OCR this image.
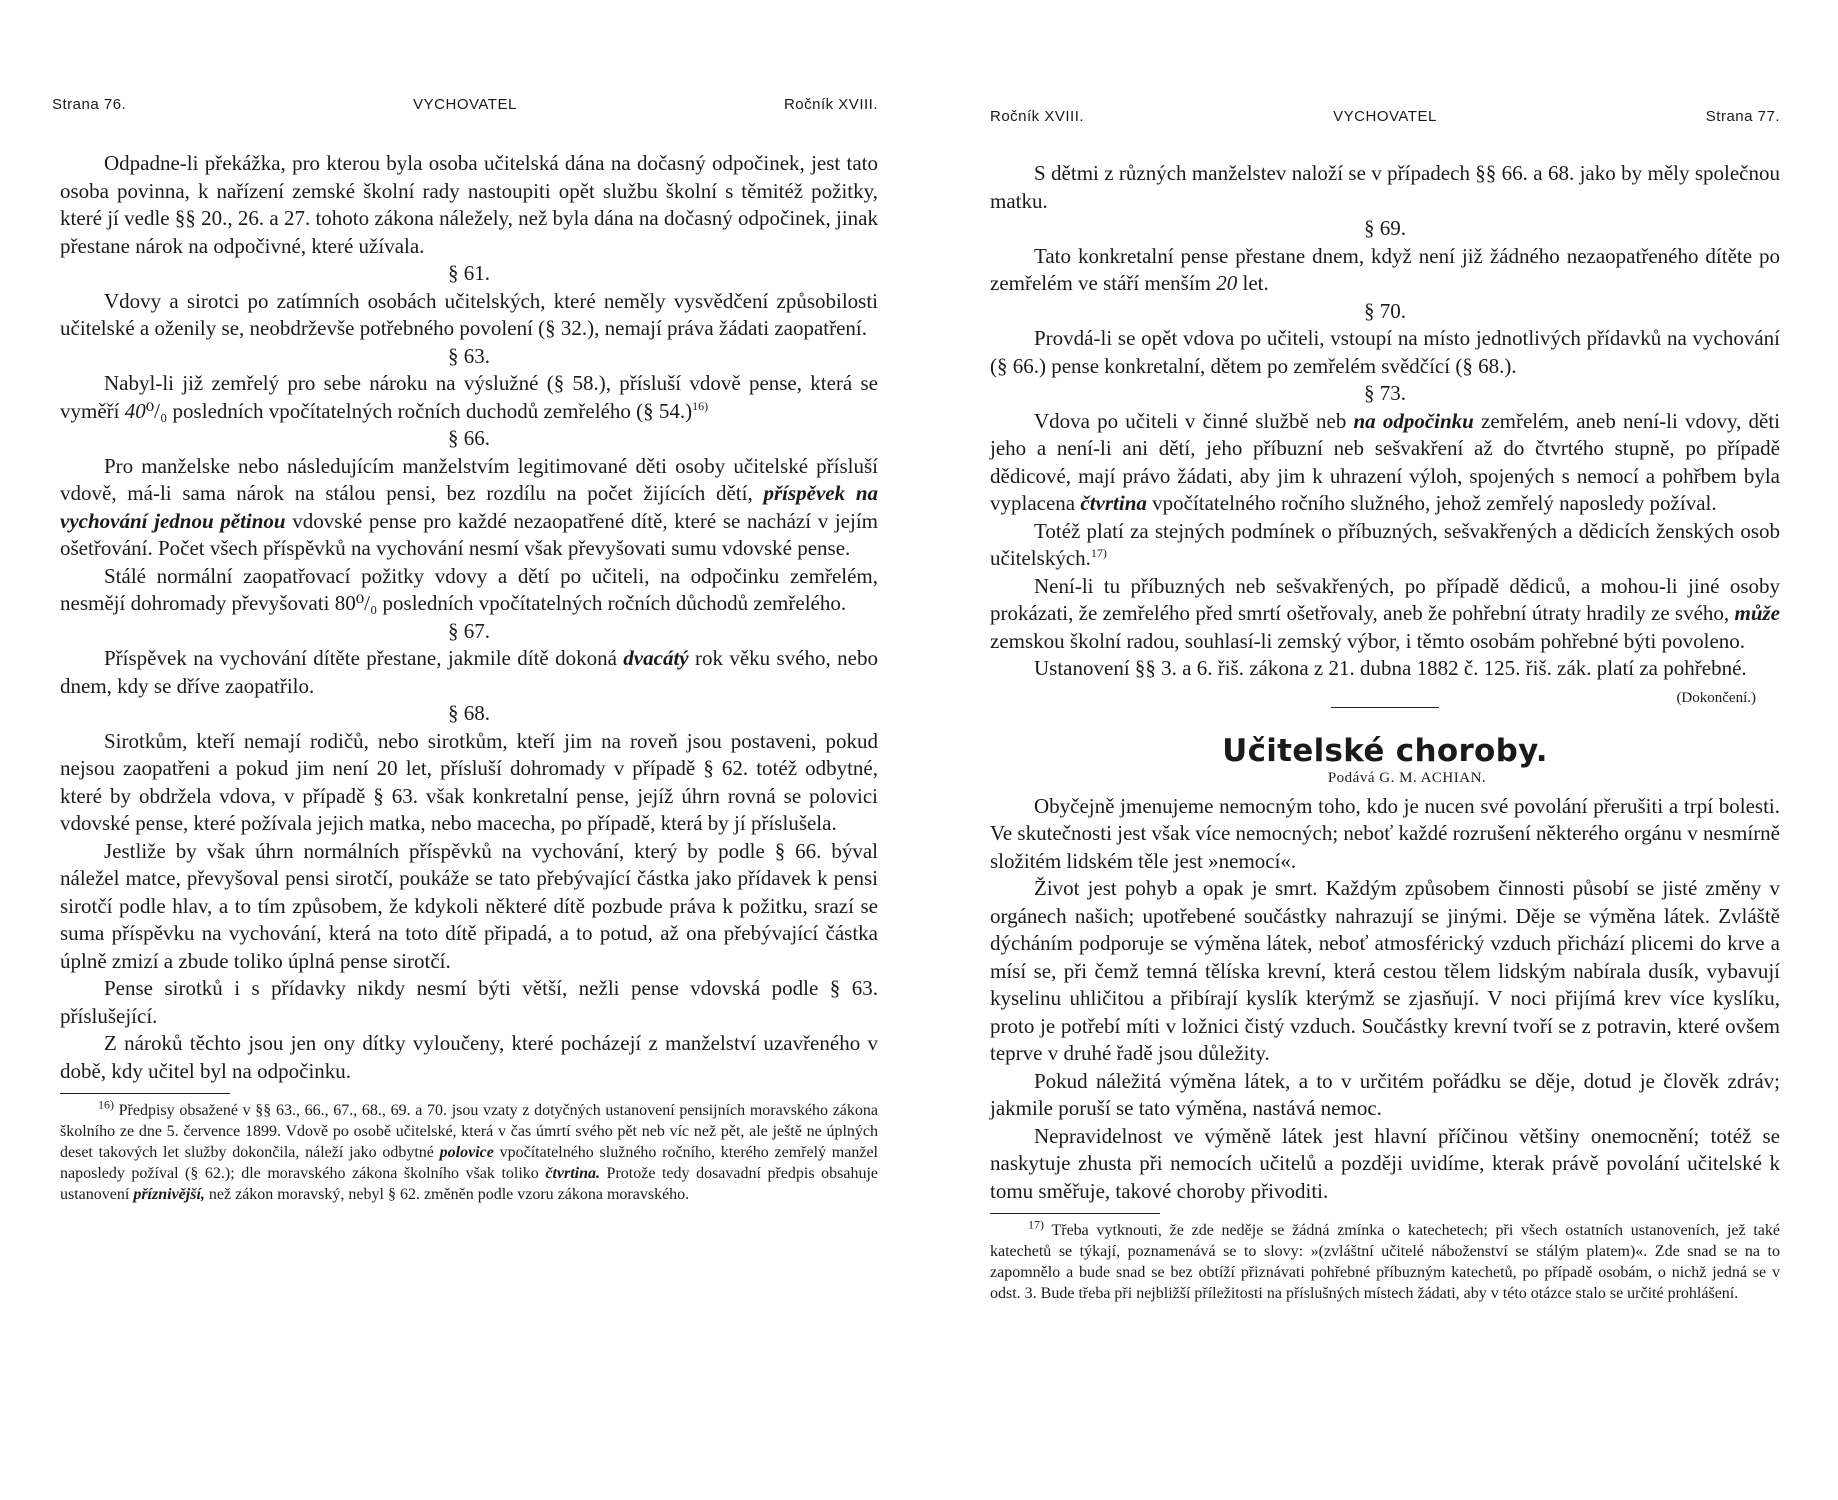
Strana 76.	VYCHOVATEL	Ročník XVIII.

Odpadne-li překážka, pro kterou byla osoba učitelská dána na dočasný odpočinek, jest tato osoba povinna, k nařízení zemské školní rady nastoupiti opět službu školní s těmitéž požitky, které jí vedle §§ 20., 26. a 27. tohoto zákona náležely, než byla dána na dočasný odpočinek, jinak přestane nárok na odpočivné, které užívala.

§ 61.

Vdovy a sirotci po zatímních osobách učitelských, které neměly vysvědčení způsobilosti učitelské a oženily se, neobdrževše potřebného povolení (§ 32.), nemají práva žádati zaopatření.

§ 63.

Nabyl-li již zemřelý pro sebe nároku na výslužné (§ 58.), přísluší vdově pense, která se vyměří 40⁰/₀ posledních vpočítatelných ročních duchodů zemřelého (§ 54.)$^{16)}$

§ 66.

Pro manželske nebo následujícím manželstvím legitimované děti osoby učitelské přísluší vdově, má-li sama nárok na stálou pensi, bez rozdílu na počet žijících dětí, příspěvek na vychování jednou pětinou vdovské pense pro každé nezaopatřené dítě, které se nachází v jejím ošetřování. Počet všech příspěvků na vychování nesmí však převyšovati sumu vdovské pense.

Stálé normální zaopatřovací požitky vdovy a dětí po učiteli, na odpočinku zemřelém, nesmějí dohromady převyšovati 80⁰/₀ posledních vpočítatelných ročních důchodů zemřelého.

§ 67.

Příspěvek na vychování dítěte přestane, jakmile dítě dokoná dvacátý rok věku svého, nebo dnem, kdy se dříve zaopatřilo.

§ 68.

Sirotkům, kteří nemají rodičů, nebo sirotkům, kteří jim na roveň jsou postaveni, pokud nejsou zaopatřeni a pokud jim není 20 let, přísluší dohromady v případě § 62. totéž odbytné, které by obdržela vdova, v případě § 63. však konkretalní pense, jejíž úhrn rovná se polovici vdovské pense, které požívala jejich matka, nebo macecha, po případě, která by jí příslušela.

Jestliže by však úhrn normálních příspěvků na vychování, který by podle § 66. býval náležel matce, převyšoval pensi sirotčí, poukáže se tato přebývající částka jako přídavek k pensi sirotčí podle hlav, a to tím způsobem, že kdykoli některé dítě pozbude práva k požitku, srazí se suma příspěvku na vychování, která na toto dítě připadá, a to potud, až ona přebývající částka úplně zmizí a zbude toliko úplná pense sirotčí.

Pense sirotků i s přídavky nikdy nesmí býti větší, nežli pense vdovská podle § 63. příslušející.

Z nároků těchto jsou jen ony dítky vyloučeny, které pocházejí z manželství uzavřeného v době, kdy učitel byl na odpočinku.

$^{16)}$ Předpisy obsažené v §§ 63., 66., 67., 68., 69. a 70. jsou vzaty z dotyčných ustanovení pensijních moravského zákona školního ze dne 5. července 1899. Vdově po osobě učitelské, která v čas úmrtí svého pět neb víc než pět, ale ještě ne úplných deset takových let služby dokončila, náleží jako odbytné polovice vpočítatelného služného ročního, kterého zemřelý manžel naposledy požíval (§ 62.); dle moravského zákona školního však toliko čtvrtina. Protože tedy dosavadní předpis obsahuje ustanovení příznivější, než zákon moravský, nebyl § 62. změněn podle vzoru zákona moravského.

Ročník XVIII.	VYCHOVATEL	Strana 77.

S dětmi z různých manželstev naloží se v případech §§ 66. a 68. jako by měly společnou matku.

§ 69.

Tato konkretalní pense přestane dnem, když není již žádného nezaopatřeného dítěte po zemřelém ve stáří menším 20 let.

§ 70.

Provdá-li se opět vdova po učiteli, vstoupí na místo jednotlivých přídavků na vychování (§ 66.) pense konkretalní, dětem po zemřelém svědčící (§ 68.).

§ 73.

Vdova po učiteli v činné službě neb na odpočinku zemřelém, aneb není-li vdovy, děti jeho a není-li ani dětí, jeho příbuzní neb sešvakření až do čtvrtého stupně, po případě dědicové, mají právo žádati, aby jim k uhrazení výloh, spojených s nemocí a pohřbem byla vyplacena čtvrtina vpočítatelného ročního služného, jehož zemřelý naposledy požíval.

Totéž platí za stejných podmínek o příbuzných, sešvakřených a dědicích ženských osob učitelských.$^{17)}$

Není-li tu příbuzných neb sešvakřených, po případě dědiců, a mohou-li jiné osoby prokázati, že zemřelého před smrtí ošetřovaly, aneb že pohřební útraty hradily ze svého, může zemskou školní radou, souhlasí-li zemský výbor, i těmto osobám pohřebné býti povoleno.

Ustanovení §§ 3. a 6. řiš. zákona z 21. dubna 1882 č. 125. řiš. zák. platí za pohřebné.
(Dokončení.)

Učitelské choroby.

Podává G. M. ACHIAN.

Obyčejně jmenujeme nemocným toho, kdo je nucen své povolání přerušiti a trpí bolesti. Ve skutečnosti jest však více nemocných; neboť každé rozrušení některého orgánu v nesmírně složitém lidském těle jest »nemocí«.

Život jest pohyb a opak je smrt. Každým způsobem činnosti působí se jisté změny v orgánech našich; upotřebené součástky nahrazují se jinými. Děje se výměna látek. Zvláště dýcháním podporuje se výměna látek, neboť atmosférický vzduch přichází plicemi do krve a mísí se, při čemž temná tělíska krevní, která cestou tělem lidským nabírala dusík, vybavují kyselinu uhličitou a přibírají kyslík kterýmž se zjasňují. V noci přijímá krev více kyslíku, proto je potřebí míti v ložnici čistý vzduch. Součástky krevní tvoří se z potravin, které ovšem teprve v druhé řadě jsou důležity.

Pokud náležitá výměna látek, a to v určitém pořádku se děje, dotud je člověk zdráv; jakmile poruší se tato výměna, nastává nemoc.

Nepravidelnost ve výměně látek jest hlavní příčinou většiny onemocnění; totéž se naskytuje zhusta při nemocích učitelů a později uvidíme, kterak právě povolání učitelské k tomu směřuje, takové choroby přivoditi.

$^{17)}$ Třeba vytknouti, že zde neděje se žádná zmínka o katechetech; při všech ostatních ustanoveních, jež také katechetů se týkají, poznamenává se to slovy: »(zvláštní učitelé náboženství se stálým platem)«. Zde snad se na to zapomnělo a bude snad se bez obtíží přiznávati pohřebné příbuzným katechetů, po případě osobám, o nichž jedná se v odst. 3. Bude třeba při nejbližší příležitosti na příslušných místech žádati, aby v této otázce stalo se určité prohlášení.
